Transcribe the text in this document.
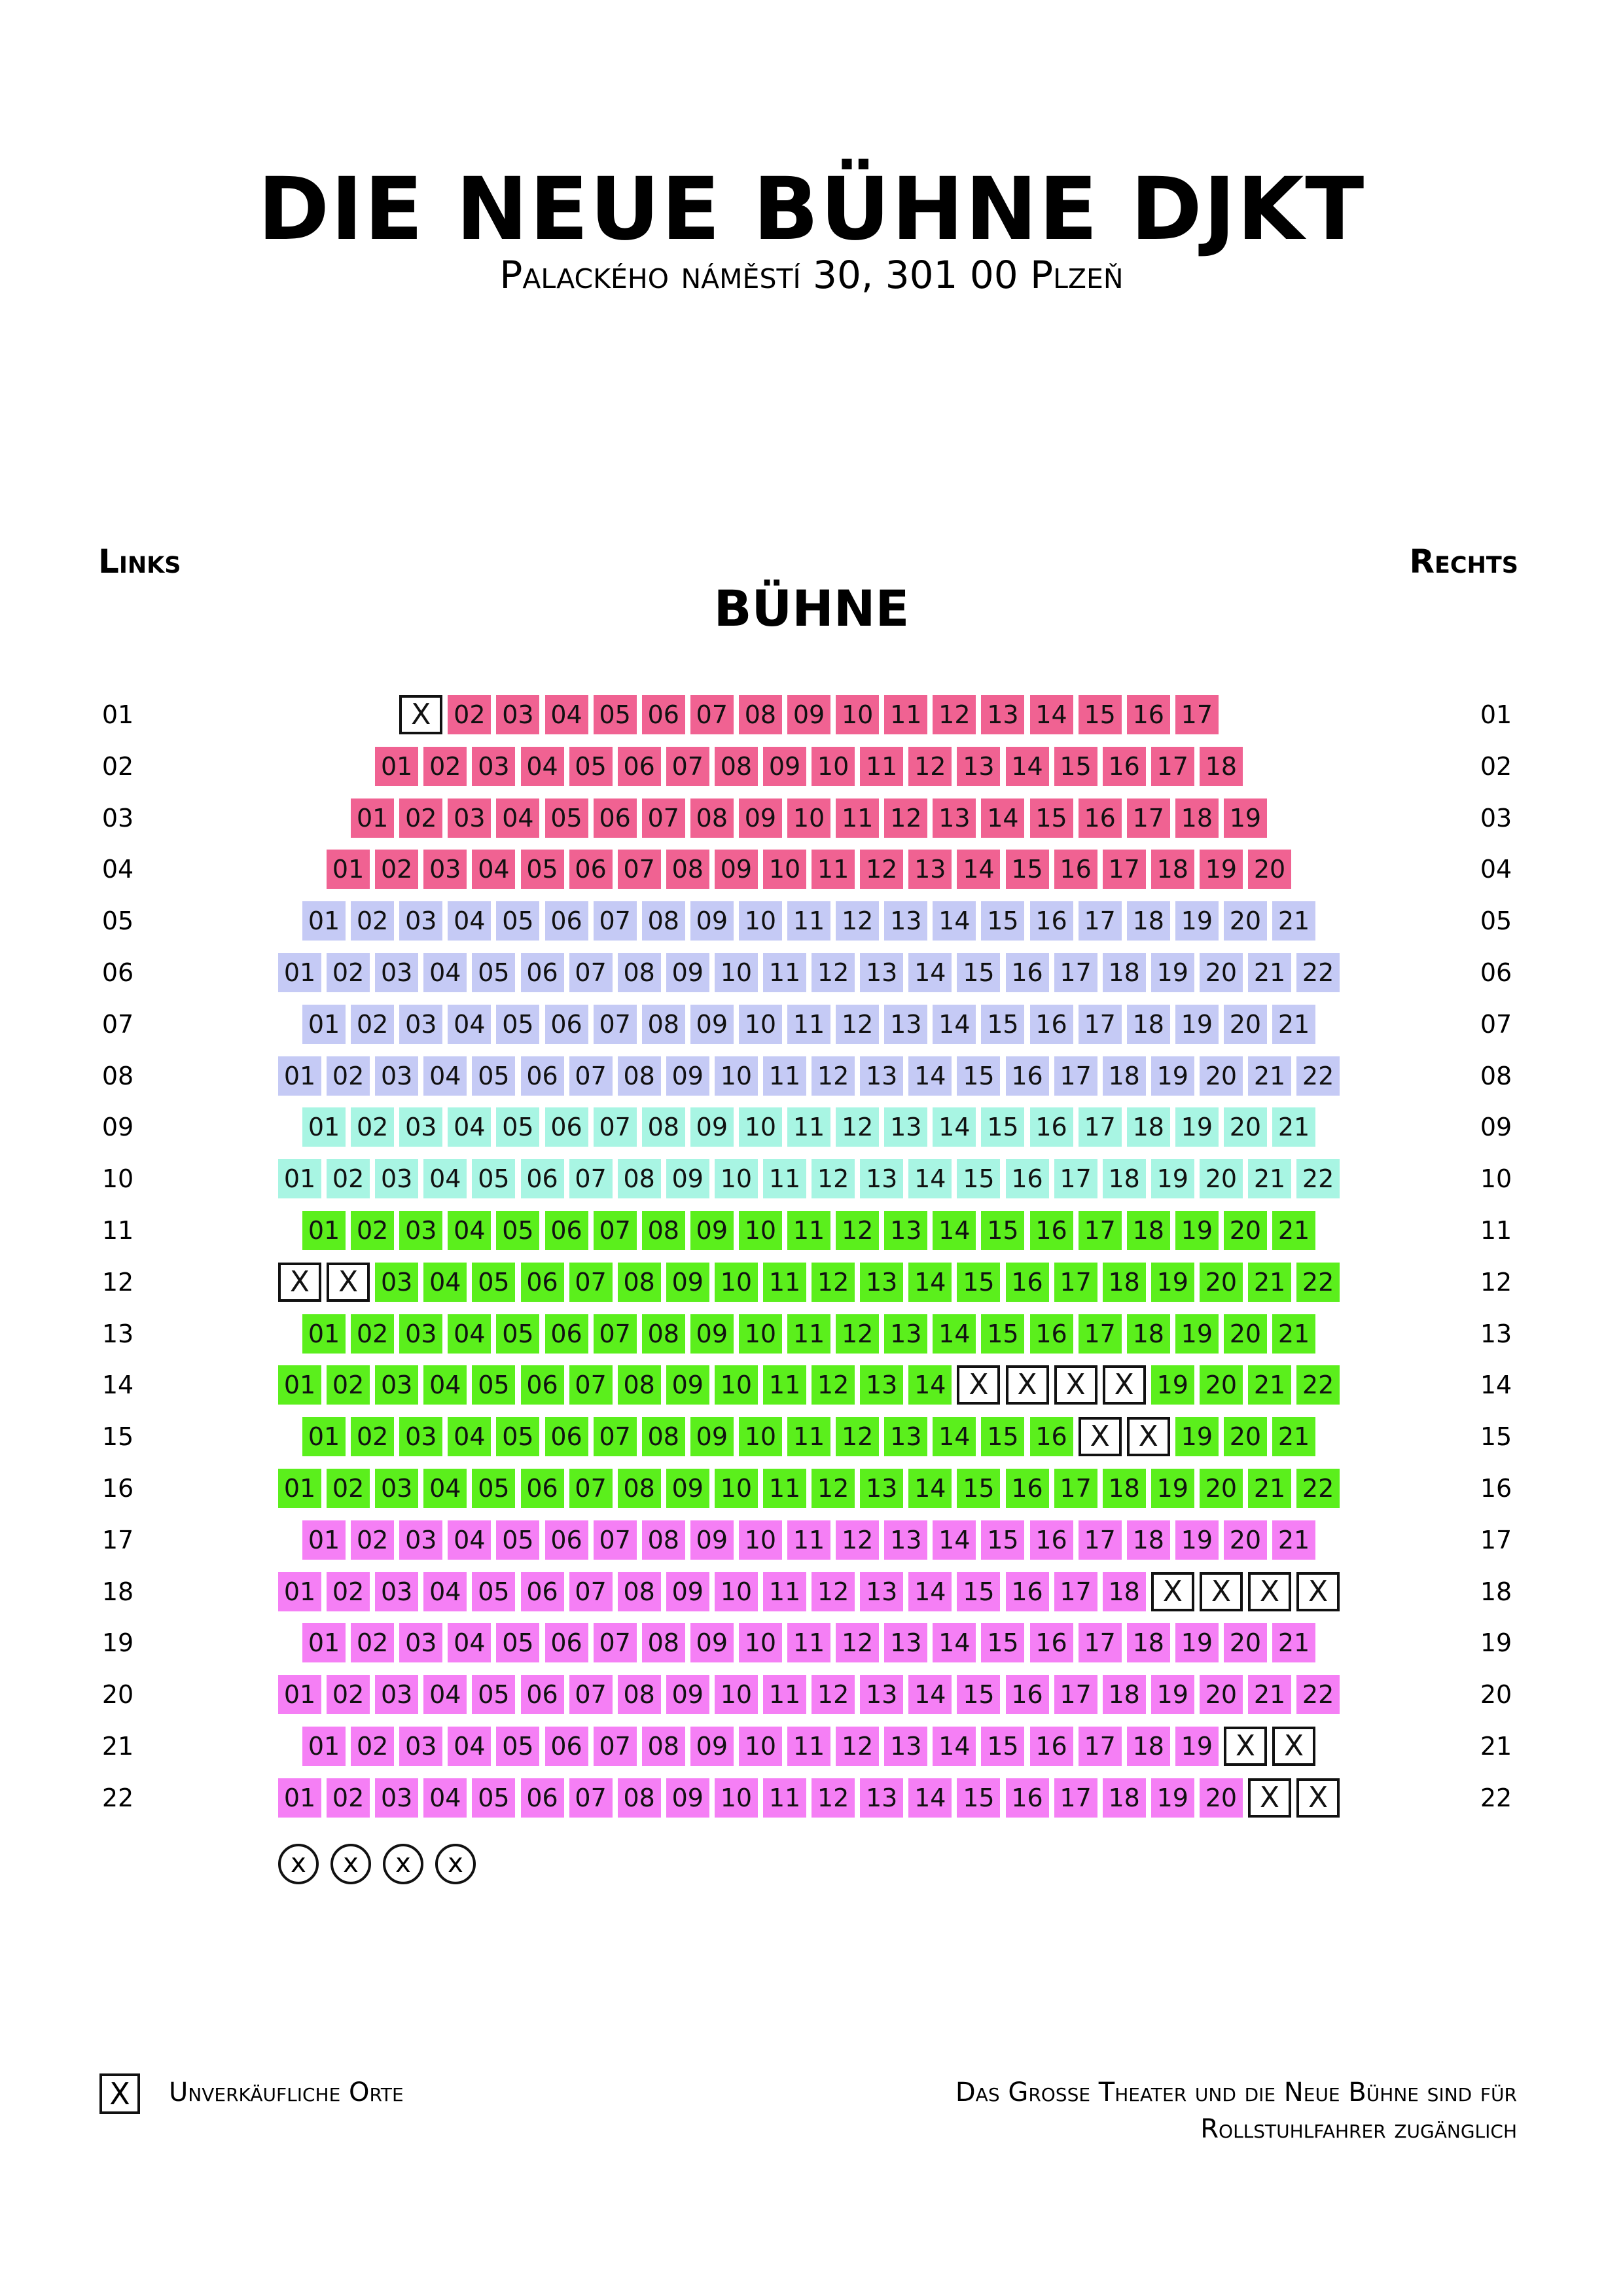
DIE NEUE BÜHNE DJKT
Palackého náměstí 30, 301 00 Plzeň
Links	Rechts
BÜHNE
01	01
X 02 03 04 05 06 07 08 09 10 11 12 13 14 15 16 17
02	02
01 02 03 04 05 06 07 08 09 10 11 12 13 14 15 16 17 18
03	03
01 02 03 04 05 06 07 08 09 10 11 12 13 14 15 16 17 18 19
04	04
01 02 03 04 05 06 07 08 09 10 11 12 13 14 15 16 17 18 19 20
05	05
01 02 03 04 05 06 07 08 09 10 11 12 13 14 15 16 17 18 19 20 21
06	06
01 02 03 04 05 06 07 08 09 10 11 12 13 14 15 16 17 18 19 20 21 22
07	07
01 02 03 04 05 06 07 08 09 10 11 12 13 14 15 16 17 18 19 20 21
08	08
01 02 03 04 05 06 07 08 09 10 11 12 13 14 15 16 17 18 19 20 21 22
09	09
01 02 03 04 05 06 07 08 09 10 11 12 13 14 15 16 17 18 19 20 21
10	10
01 02 03 04 05 06 07 08 09 10 11 12 13 14 15 16 17 18 19 20 21 22
11	11
01 02 03 04 05 06 07 08 09 10 11 12 13 14 15 16 17 18 19 20 21
12	12
X X 03 04 05 06 07 08 09 10 11 12 13 14 15 16 17 18 19 20 21 22
13	13
01 02 03 04 05 06 07 08 09 10 11 12 13 14 15 16 17 18 19 20 21
14	14
01 02 03 04 05 06 07 08 09 10 11 12 13 14 X X X X 19 20 21 22
15	15
01 02 03 04 05 06 07 08 09 10 11 12 13 14 15 16 X X 19 20 21
16	16
01 02 03 04 05 06 07 08 09 10 11 12 13 14 15 16 17 18 19 20 21 22
17	17
01 02 03 04 05 06 07 08 09 10 11 12 13 14 15 16 17 18 19 20 21
18	18
01 02 03 04 05 06 07 08 09 10 11 12 13 14 15 16 17 18 X X X X
19	19
01 02 03 04 05 06 07 08 09 10 11 12 13 14 15 16 17 18 19 20 21
20	20
01 02 03 04 05 06 07 08 09 10 11 12 13 14 15 16 17 18 19 20 21 22
21	21
01 02 03 04 05 06 07 08 09 10 11 12 13 14 15 16 17 18 19 X X
22	22
01 02 03 04 05 06 07 08 09 10 11 12 13 14 15 16 17 18 19 20 X X
x	x	x	x
X	Unverkäufliche Orte	Das Grosse Theater und die Neue Bühne sind für
Rollstuhlfahrer zugänglich
